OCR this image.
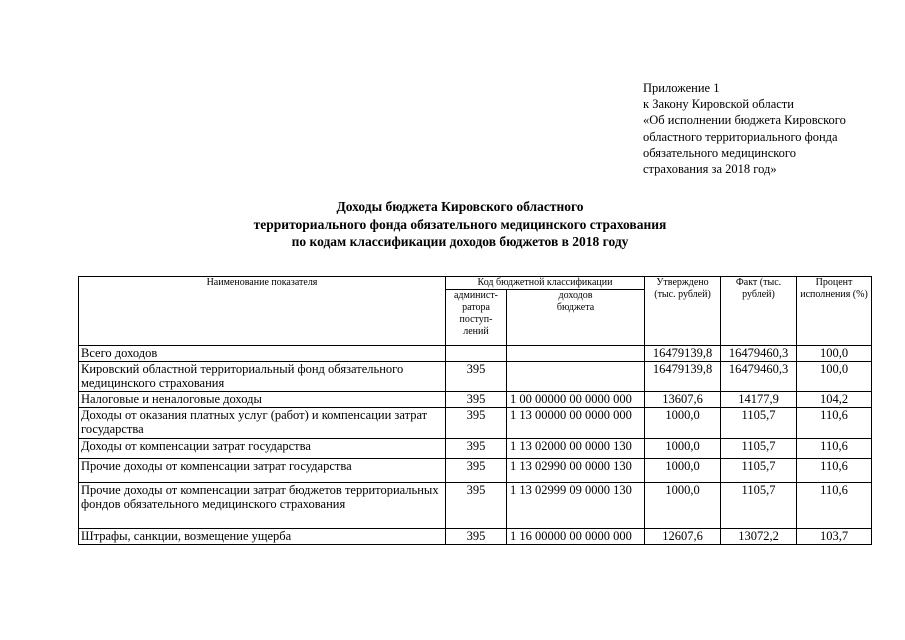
Приложение 1
к Закону Кировской области
«Об исполнении бюджета Кировского
областного территориального фонда
обязательного медицинского
страхования за 2018 год»
Доходы бюджета Кировского областного
территориального фонда обязательного медицинского страхования
по кодам классификации доходов бюджетов в 2018 году
Наименование показателя	Код бюджетной классификации		Утверждено (тыс. рублей)	Факт (тыс. рублей)	Процент исполнения (%)
	админист-ратора поступ-лений	доходов бюджета			
Всего доходов			16479139,8	16479460,3	100,0
Кировский областной территориальный фонд обязательного медицинского страхования	395		16479139,8	16479460,3	100,0
Налоговые и неналоговые доходы	395	1 00 00000 00 0000 000	13607,6	14177,9	104,2
Доходы от оказания платных услуг (работ) и компенсации затрат государства	395	1 13 00000 00 0000 000	1000,0	1105,7	110,6
Доходы от компенсации затрат государства	395	1 13 02000 00 0000 130	1000,0	1105,7	110,6
Прочие доходы от компенсации затрат государства	395	1 13 02990 00 0000 130	1000,0	1105,7	110,6
Прочие доходы от компенсации затрат бюджетов территориальных фондов обязательного медицинского страхования	395	1 13 02999 09 0000 130	1000,0	1105,7	110,6
Штрафы, санкции, возмещение ущерба	395	1 16 00000 00 0000 000	12607,6	13072,2	103,7
